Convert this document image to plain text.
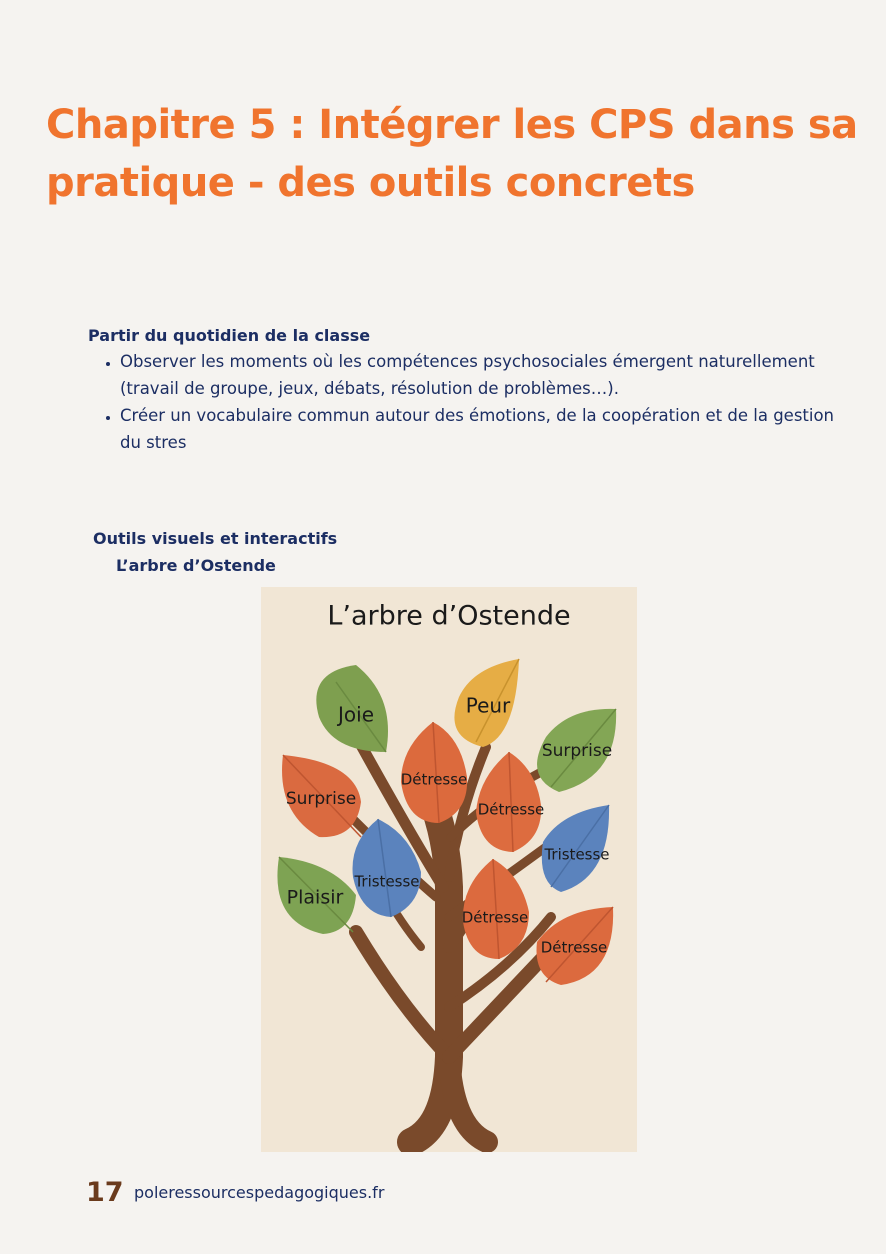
Chapitre 5 : Intégrer les CPS dans sa pratique - des outils concrets

Partir du quotidien de la classe

• Observer les moments où les compétences psychosociales émergent naturellement (travail de groupe, jeux, débats, résolution de problèmes…).
• Créer un vocabulaire commun autour des émotions, de la coopération et de la gestion du stres

Outils visuels et interactifs

L’arbre d’Ostende
L’arbre d’Ostende
Joie	Peur
Surprise
Détresse
Surprise
Détresse
Tristesse
Tristesse
Plaisir
Détresse
Détresse
17 poleressourcespedagogiques.fr
